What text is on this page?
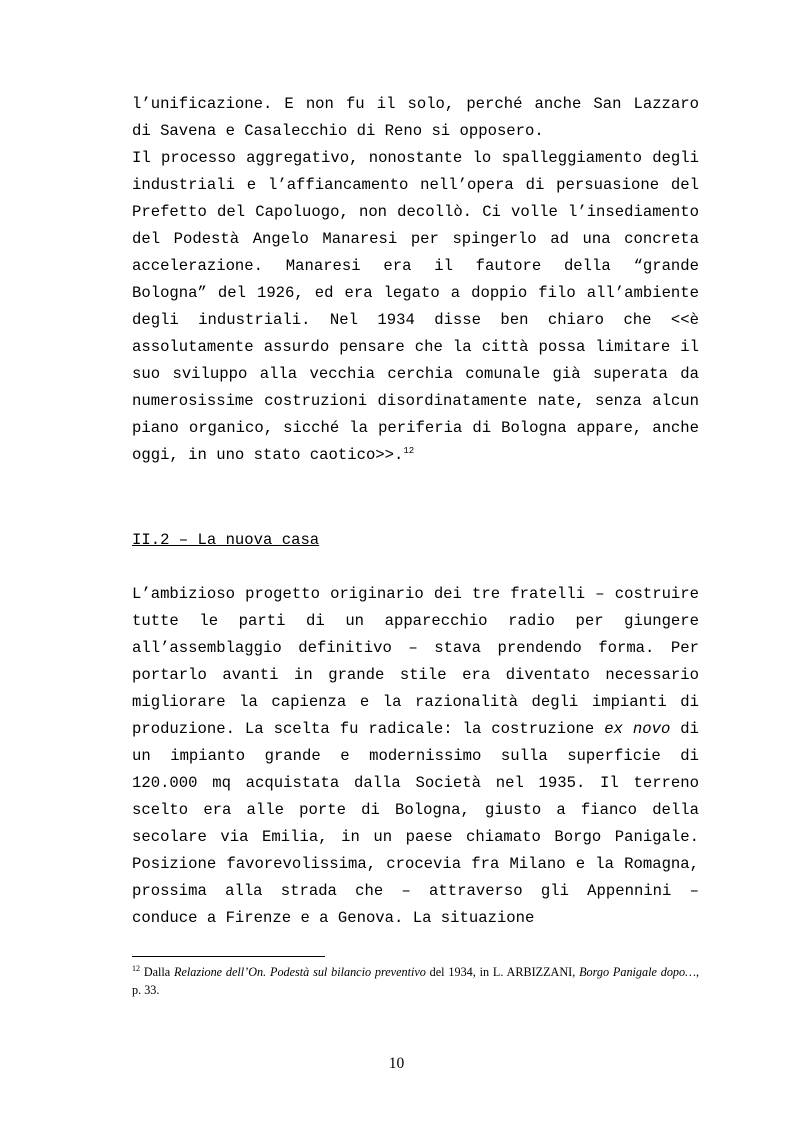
l’unificazione. E non fu il solo, perché anche San Lazzaro di Savena e Casalecchio di Reno si opposero.

Il processo aggregativo, nonostante lo spalleggiamento degli industriali e l’affiancamento nell’opera di persuasione del Prefetto del Capoluogo, non decollò. Ci volle l’insediamento del Podestà Angelo Manaresi per spingerlo ad una concreta accelerazione. Manaresi era il fautore della “grande Bologna” del 1926, ed era legato a doppio filo all’ambiente degli industriali. Nel 1934 disse ben chiaro che <<è assolutamente assurdo pensare che la città possa limitare il suo sviluppo alla vecchia cerchia comunale già superata da numerosissime costruzioni disordinatamente nate, senza alcun piano organico, sicché la periferia di Bologna appare, anche oggi, in uno stato caotico>>.$^{12}$

II.2 – La nuova casa

L’ambizioso progetto originario dei tre fratelli – costruire tutte le parti di un apparecchio radio per giungere all’assemblaggio definitivo – stava prendendo forma. Per portarlo avanti in grande stile era diventato necessario migliorare la capienza e la razionalità degli impianti di produzione. La scelta fu radicale: la costruzione ex novo di un impianto grande e modernissimo sulla superficie di 120.000 mq acquistata dalla Società nel 1935. Il terreno scelto era alle porte di Bologna, giusto a fianco della secolare via Emilia, in un paese chiamato Borgo Panigale. Posizione favorevolissima, crocevia fra Milano e la Romagna, prossima alla strada che – attraverso gli Appennini – conduce a Firenze e a Genova. La situazione

$^{12}$ Dalla Relazione dell’On. Podestà sul bilancio preventivo del 1934, in L. ARBIZZANI, Borgo Panigale dopo…, p. 33.

10
